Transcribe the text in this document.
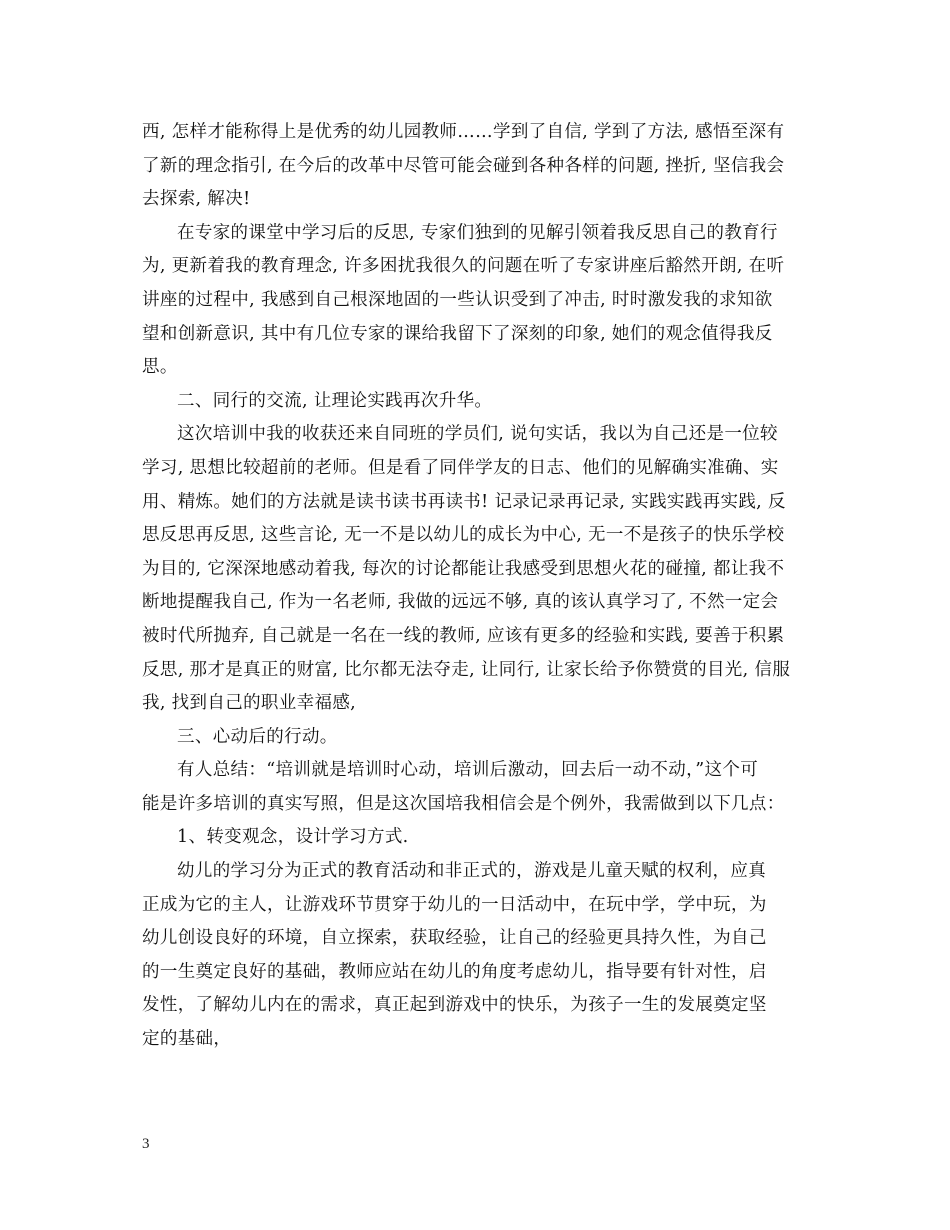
西, 怎样才能称得上是优秀的幼儿园教师……学到了自信, 学到了方法, 感悟至深有
了新的理念指引, 在今后的改革中尽管可能会碰到各种各样的问题, 挫折, 坚信我会
去探索, 解决!
在专家的课堂中学习后的反思, 专家们独到的见解引领着我反思自己的教育行
为, 更新着我的教育理念, 许多困扰我很久的问题在听了专家讲座后豁然开朗, 在听
讲座的过程中, 我感到自己根深地固的一些认识受到了冲击, 时时激发我的求知欲
望和创新意识, 其中有几位专家的课给我留下了深刻的印象, 她们的观念值得我反
思。
二、同行的交流, 让理论实践再次升华。
这次培训中我的收获还来自同班的学员们, 说句实话，我以为自己还是一位较
学习, 思想比较超前的老师。但是看了同伴学友的日志、他们的见解确实准确、实
用、精炼。她们的方法就是读书读书再读书! 记录记录再记录, 实践实践再实践, 反
思反思再反思, 这些言论, 无一不是以幼儿的成长为中心, 无一不是孩子的快乐学校
为目的, 它深深地感动着我, 每次的讨论都能让我感受到思想火花的碰撞, 都让我不
断地提醒我自己, 作为一名老师, 我做的远远不够, 真的该认真学习了, 不然一定会
被时代所抛弃, 自己就是一名在一线的教师, 应该有更多的经验和实践, 要善于积累
反思, 那才是真正的财富, 比尔都无法夺走, 让同行, 让家长给予你赞赏的目光, 信服
我, 找到自己的职业幸福感,
三、心动后的行动。
有人总结：“培训就是培训时心动，培训后激动，回去后一动不动，”这个可
能是许多培训的真实写照，但是这次国培我相信会是个例外，我需做到以下几点：
1、转变观念，设计学习方式.
幼儿的学习分为正式的教育活动和非正式的，游戏是儿童天赋的权利，应真
正成为它的主人，让游戏环节贯穿于幼儿的一日活动中，在玩中学，学中玩，为
幼儿创设良好的环境，自立探索，获取经验，让自己的经验更具持久性，为自己
的一生奠定良好的基础，教师应站在幼儿的角度考虑幼儿，指导要有针对性，启
发性，了解幼儿内在的需求，真正起到游戏中的快乐，为孩子一生的发展奠定坚
定的基础，
3
